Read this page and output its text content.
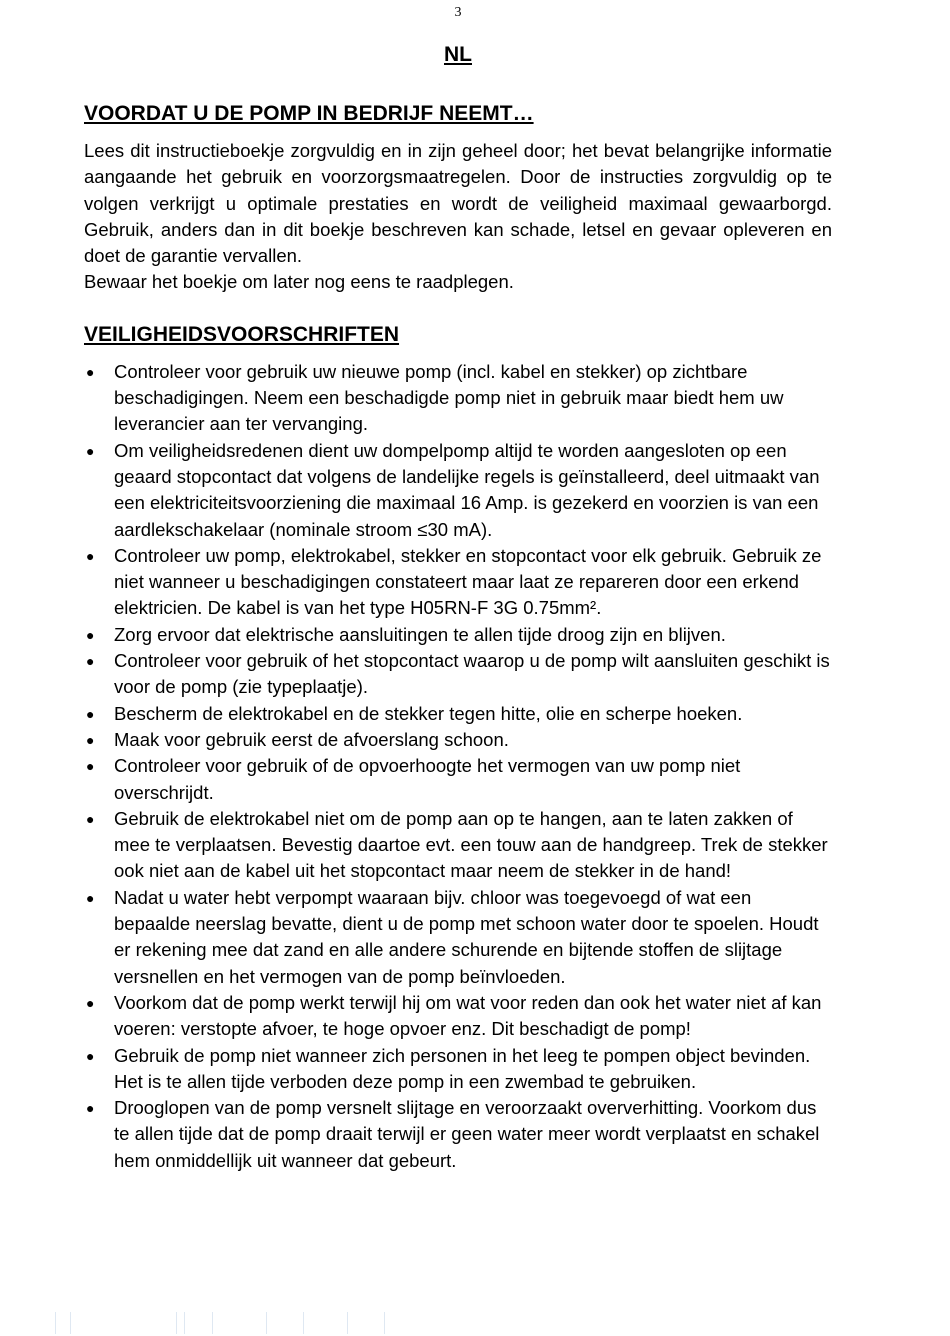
3
NL
VOORDAT U DE POMP IN BEDRIJF NEEMT…

Lees dit instructieboekje zorgvuldig en in zijn geheel door; het bevat belangrijke informatie aangaande het gebruik en voorzorgsmaatregelen. Door de instructies zorgvuldig op te volgen verkrijgt u optimale prestaties en wordt de veiligheid maximaal gewaarborgd. Gebruik, anders dan in dit boekje beschreven kan schade, letsel en gevaar opleveren en doet de garantie vervallen.

Bewaar het boekje om later nog eens te raadplegen.

VEILIGHEIDSVOORSCHRIFTEN
● Controleer voor gebruik uw nieuwe pomp (incl. kabel en stekker) op zichtbare beschadigingen. Neem een beschadigde pomp niet in gebruik maar biedt hem uw leverancier aan ter vervanging.
● Om veiligheidsredenen dient uw dompelpomp altijd te worden aangesloten op een geaard stopcontact dat volgens de landelijke regels is geïnstalleerd, deel uitmaakt van een elektriciteitsvoorziening die maximaal 16 Amp. is gezekerd en voorzien is van een aardlekschakelaar (nominale stroom ≤30 mA).
● Controleer uw pomp, elektrokabel, stekker en stopcontact voor elk gebruik. Gebruik ze niet wanneer u beschadigingen constateert maar laat ze repareren door een erkend elektricien. De kabel is van het type H05RN-F 3G 0.75mm².
● Zorg ervoor dat elektrische aansluitingen te allen tijde droog zijn en blijven.
● Controleer voor gebruik of het stopcontact waarop u de pomp wilt aansluiten geschikt is voor de pomp (zie typeplaatje).
● Bescherm de elektrokabel en de stekker tegen hitte, olie en scherpe hoeken.
● Maak voor gebruik eerst de afvoerslang schoon.
● Controleer voor gebruik of de opvoerhoogte het vermogen van uw pomp niet overschrijdt.
● Gebruik de elektrokabel niet om de pomp aan op te hangen, aan te laten zakken of mee te verplaatsen. Bevestig daartoe evt. een touw aan de handgreep. Trek de stekker ook niet aan de kabel uit het stopcontact maar neem de stekker in de hand!
● Nadat u water hebt verpompt waaraan bijv. chloor was toegevoegd of wat een bepaalde neerslag bevatte, dient u de pomp met schoon water door te spoelen. Houdt er rekening mee dat zand en alle andere schurende en bijtende stoffen de slijtage versnellen en het vermogen van de pomp beïnvloeden.
● Voorkom dat de pomp werkt terwijl hij om wat voor reden dan ook het water niet af kan voeren: verstopte afvoer, te hoge opvoer enz. Dit beschadigt de pomp!
● Gebruik de pomp niet wanneer zich personen in het leeg te pompen object bevinden. Het is te allen tijde verboden deze pomp in een zwembad te gebruiken.
● Drooglopen van de pomp versnelt slijtage en veroorzaakt oververhitting. Voorkom dus te allen tijde dat de pomp draait terwijl er geen water meer wordt verplaatst en schakel hem onmiddellijk uit wanneer dat gebeurt.
